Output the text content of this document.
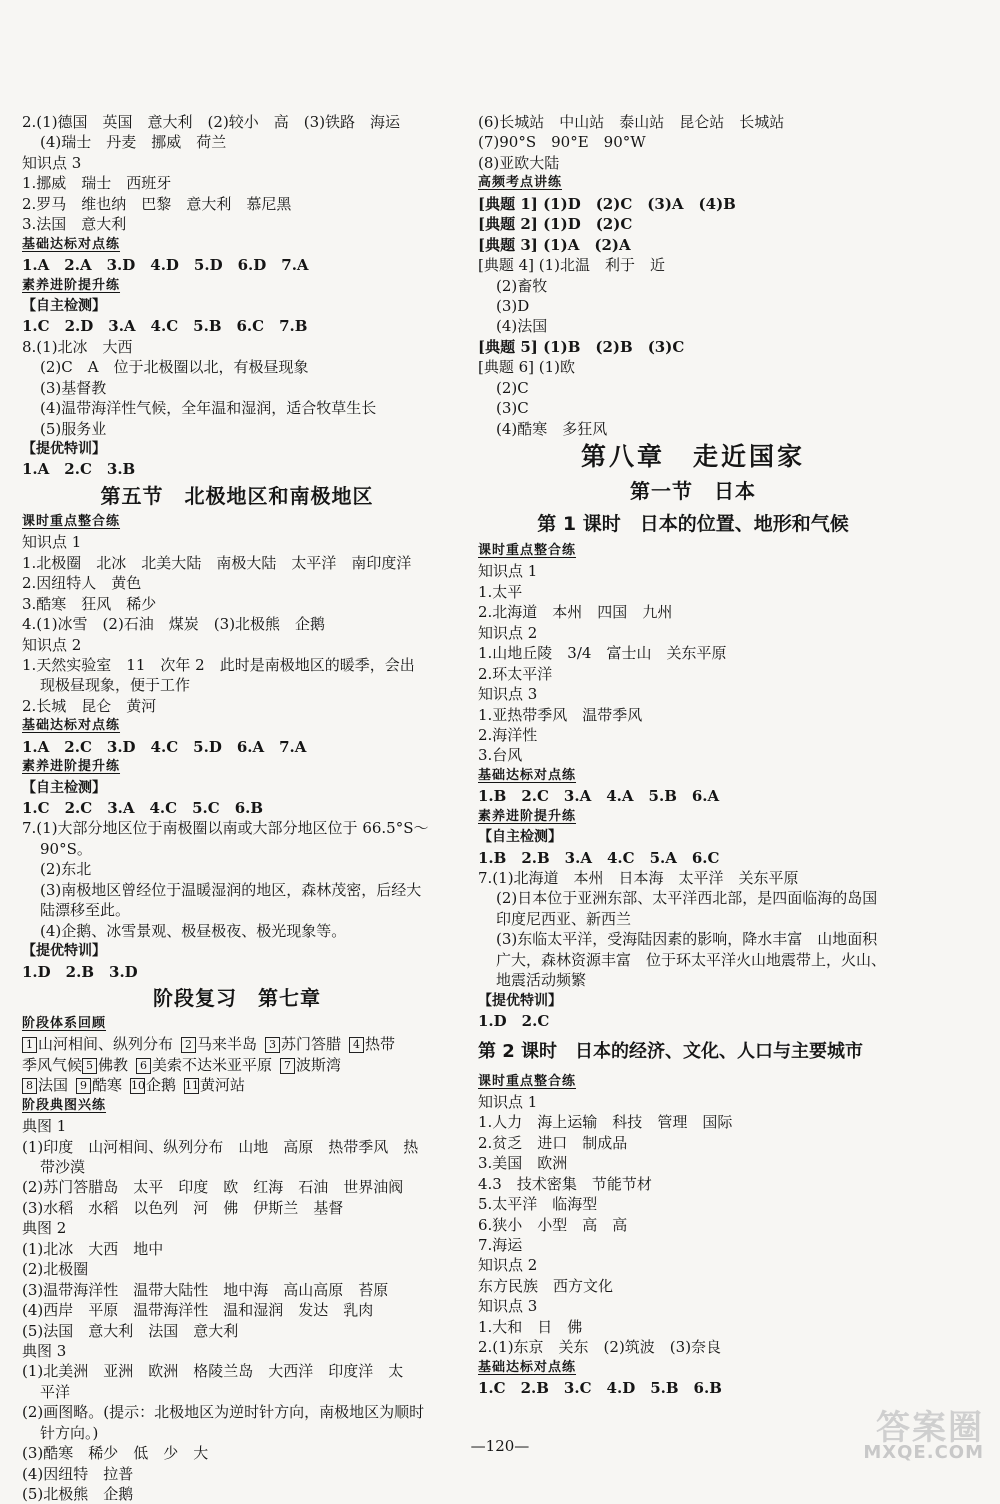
2.(1)德国　英国　意大利　(2)较小　高　(3)铁路　海运
(4)瑞士　丹麦　挪威　荷兰
知识点 3
1.挪威　瑞士　西班牙
2.罗马　维也纳　巴黎　意大利　慕尼黑
3.法国　意大利
基础达标对点练
1.A　2.A　3.D　4.D　5.D　6.D　7.A
素养进阶提升练
【自主检测】
1.C　2.D　3.A　4.C　5.B　6.C　7.B
8.(1)北冰　大西
(2)C　A　位于北极圈以北，有极昼现象
(3)基督教
(4)温带海洋性气候，全年温和湿润，适合牧草生长
(5)服务业
【提优特训】
1.A　2.C　3.B
第五节　北极地区和南极地区
课时重点整合练
知识点 1
1.北极圈　北冰　北美大陆　南极大陆　太平洋　南印度洋
2.因纽特人　黄色
3.酷寒　狂风　稀少
4.(1)冰雪　(2)石油　煤炭　(3)北极熊　企鹅
知识点 2
1.天然实验室　11　次年 2　此时是南极地区的暖季，会出
现极昼现象，便于工作
2.长城　昆仑　黄河
基础达标对点练
1.A　2.C　3.D　4.C　5.D　6.A　7.A
素养进阶提升练
【自主检测】
1.C　2.C　3.A　4.C　5.C　6.B
7.(1)大部分地区位于南极圈以南或大部分地区位于 66.5°S～
90°S。
(2)东北
(3)南极地区曾经位于温暖湿润的地区，森林茂密，后经大
陆漂移至此。
(4)企鹅、冰雪景观、极昼极夜、极光现象等。
【提优特训】
1.D　2.B　3.D
阶段复习　第七章
阶段体系回顾
1 山河相间、纵列分布 2 马来半岛 3 苏门答腊 4 热带
季风气候 5 佛教 6 美索不达米亚平原 7 波斯湾
8 法国 9 酷寒 10企鹅 11黄河站
阶段典图兴练
典图 1
(1)印度　山河相间、纵列分布　山地　高原　热带季风　热
带沙漠
(2)苏门答腊岛　太平　印度　欧　红海　石油　世界油阀
(3)水稻　水稻　以色列　河　佛　伊斯兰　基督
典图 2
(1)北冰　大西　地中
(2)北极圈
(3)温带海洋性　温带大陆性　地中海　高山高原　苔原
(4)西岸　平原　温带海洋性　温和湿润　发达　乳肉
(5)法国　意大利　法国　意大利
典图 3
(1)北美洲　亚洲　欧洲　格陵兰岛　大西洋　印度洋　太
平洋
(2)画图略。(提示：北极地区为逆时针方向，南极地区为顺时
针方向。)
(3)酷寒　稀少　低　少　大
(4)因纽特　拉普
(5)北极熊　企鹅
(6)长城站　中山站　泰山站　昆仑站　长城站
(7)90°S　90°E　90°W
(8)亚欧大陆
高频考点讲练
[典题 1] (1)D　(2)C　(3)A　(4)B
[典题 2] (1)D　(2)C
[典题 3] (1)A　(2)A
[典题 4] (1)北温　利于　近
(2)畜牧
(3)D
(4)法国
[典题 5] (1)B　(2)B　(3)C
[典题 6] (1)欧
(2)C
(3)C
(4)酷寒　多狂风
第八章　走近国家
第一节　日本
第 1 课时　日本的位置、地形和气候
课时重点整合练
知识点 1
1.太平
2.北海道　本州　四国　九州
知识点 2
1.山地丘陵　3/4　富士山　关东平原
2.环太平洋
知识点 3
1.亚热带季风　温带季风
2.海洋性
3.台风
基础达标对点练
1.B　2.C　3.A　4.A　5.B　6.A
素养进阶提升练
【自主检测】
1.B　2.B　3.A　4.C　5.A　6.C
7.(1)北海道　本州　日本海　太平洋　关东平原
(2)日本位于亚洲东部、太平洋西北部，是四面临海的岛国
印度尼西亚、新西兰
(3)东临太平洋，受海陆因素的影响，降水丰富　山地面积
广大，森林资源丰富　位于环太平洋火山地震带上，火山、
地震活动频繁
【提优特训】
1.D　2.C
第 2 课时　日本的经济、文化、人口与主要城市
课时重点整合练
知识点 1
1.人力　海上运输　科技　管理　国际
2.贫乏　进口　制成品
3.美国　欧洲
4.3　技术密集　节能节材
5.太平洋　临海型
6.狭小　小型　高　高
7.海运
知识点 2
东方民族　西方文化
知识点 3
1.大和　日　佛
2.(1)东京　关东　(2)筑波　(3)奈良
基础达标对点练
1.C　2.B　3.C　4.D　5.B　6.B
—120—	答案圈
MXQE.COM
